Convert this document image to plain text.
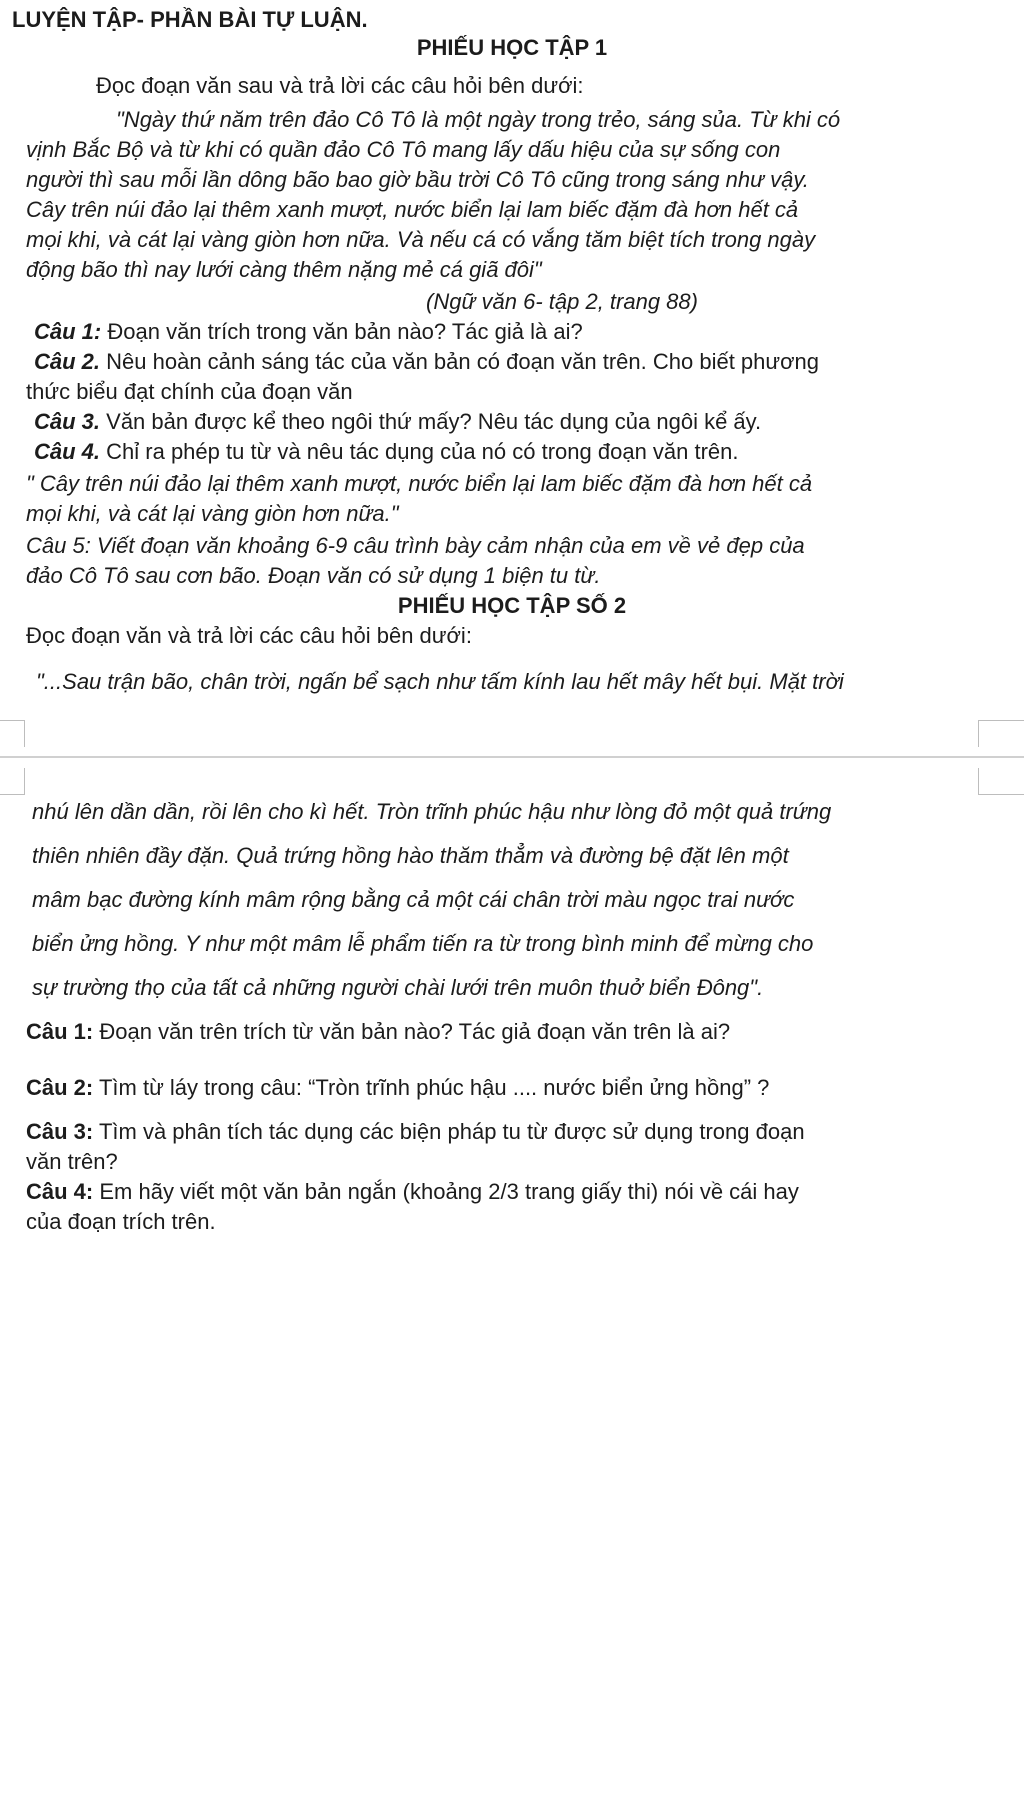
LUYỆN TẬP- PHẦN BÀI TỰ LUẬN.
PHIẾU HỌC TẬP 1
Đọc đoạn văn sau và trả lời các câu hỏi bên dưới:
"Ngày thứ năm trên đảo Cô Tô là một ngày trong trẻo, sáng sủa. Từ khi có
vịnh Bắc Bộ và từ khi có quần đảo Cô Tô mang lấy dấu hiệu của sự sống con
người thì sau mỗi lần dông bão bao giờ bầu trời Cô Tô cũng trong sáng như vậy.
Cây trên núi đảo lại thêm xanh mượt, nước biển lại lam biếc đặm đà hơn hết cả
mọi khi, và cát lại vàng giòn hơn nữa. Và nếu cá có vắng tăm biệt tích trong ngày
động bão thì nay lưới càng thêm nặng mẻ cá giã đôi"
(Ngữ văn 6- tập 2, trang 88)
Câu 1: Đoạn văn trích trong văn bản nào? Tác giả là ai?
Câu 2. Nêu hoàn cảnh sáng tác của văn bản có đoạn văn trên. Cho biết phương
thức biểu đạt chính của đoạn văn
Câu 3. Văn bản được kể theo ngôi thứ mấy? Nêu tác dụng của ngôi kể ấy.
Câu 4. Chỉ ra phép tu từ và nêu tác dụng của nó có trong đoạn văn trên.
" Cây trên núi đảo lại thêm xanh mượt, nước biển lại lam biếc đặm đà hơn hết cả
mọi khi, và cát lại vàng giòn hơn nữa."
Câu 5: Viết đoạn văn khoảng 6-9 câu trình bày cảm nhận của em về vẻ đẹp của
đảo Cô Tô sau cơn bão. Đoạn văn có sử dụng 1 biện tu từ.
PHIẾU HỌC TẬP SỐ 2
Đọc đoạn văn và trả lời các câu hỏi bên dưới:
"...Sau trận bão, chân trời, ngấn bể sạch như tấm kính lau hết mây hết bụi. Mặt trời
nhú lên dần dần, rồi lên cho kì hết. Tròn trĩnh phúc hậu như lòng đỏ một quả trứng
thiên nhiên đầy đặn. Quả trứng hồng hào thăm thẳm và đường bệ đặt lên một
mâm bạc đường kính mâm rộng bằng cả một cái chân trời màu ngọc trai nước
biển ửng hồng. Y như một mâm lễ phẩm tiến ra từ trong bình minh để mừng cho
sự trường thọ của tất cả những người chài lưới trên muôn thuở biển Đông".
Câu 1: Đoạn văn trên trích từ văn bản nào? Tác giả đoạn văn trên là ai?
Câu 2: Tìm từ láy trong câu: “Tròn trĩnh phúc hậu .... nước biển ửng hồng” ?
Câu 3: Tìm và phân tích tác dụng các biện pháp tu từ được sử dụng trong đoạn
văn trên?
Câu 4: Em hãy viết một văn bản ngắn (khoảng 2/3 trang giấy thi) nói về cái hay
của đoạn trích trên.
